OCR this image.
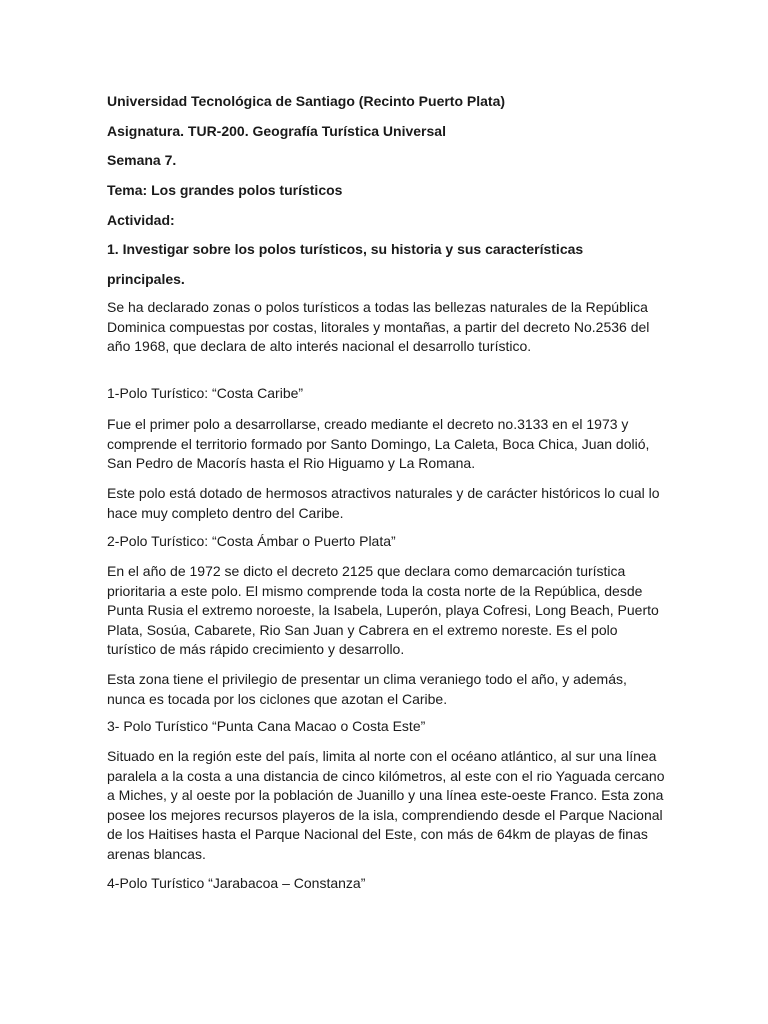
Universidad Tecnológica de Santiago (Recinto Puerto Plata)
Asignatura. TUR-200. Geografía Turística Universal
Semana 7.
Tema: Los grandes polos turísticos
Actividad:
1. Investigar sobre los polos turísticos, su historia y sus características
principales.

Se ha declarado zonas o polos turísticos a todas las bellezas naturales de la República Dominica compuestas por costas, litorales y montañas, a partir del decreto No.2536 del año 1968, que declara de alto interés nacional el desarrollo turístico.

1-Polo Turístico: “Costa Caribe”

Fue el primer polo a desarrollarse, creado mediante el decreto no.3133 en el 1973 y comprende el territorio formado por Santo Domingo, La Caleta, Boca Chica, Juan dolió, San Pedro de Macorís hasta el Rio Higuamo y La Romana.

Este polo está dotado de hermosos atractivos naturales y de carácter históricos lo cual lo hace muy completo dentro del Caribe.

2-Polo Turístico: “Costa Ámbar o Puerto Plata”

En el año de 1972 se dicto el decreto 2125 que declara como demarcación turística prioritaria a este polo. El mismo comprende toda la costa norte de la República, desde Punta Rusia el extremo noroeste, la Isabela, Luperón, playa Cofresi, Long Beach, Puerto Plata, Sosúa, Cabarete, Rio San Juan y Cabrera en el extremo noreste. Es el polo turístico de más rápido crecimiento y desarrollo.

Esta zona tiene el privilegio de presentar un clima veraniego todo el año, y además, nunca es tocada por los ciclones que azotan el Caribe.

3- Polo Turístico “Punta Cana Macao o Costa Este”

Situado en la región este del país, limita al norte con el océano atlántico, al sur una línea paralela a la costa a una distancia de cinco kilómetros, al este con el rio Yaguada cercano a Miches, y al oeste por la población de Juanillo y una línea este-oeste Franco. Esta zona posee los mejores recursos playeros de la isla, comprendiendo desde el Parque Nacional de los Haitises hasta el Parque Nacional del Este, con más de 64km de playas de finas arenas blancas.

4-Polo Turístico “Jarabacoa – Constanza”
